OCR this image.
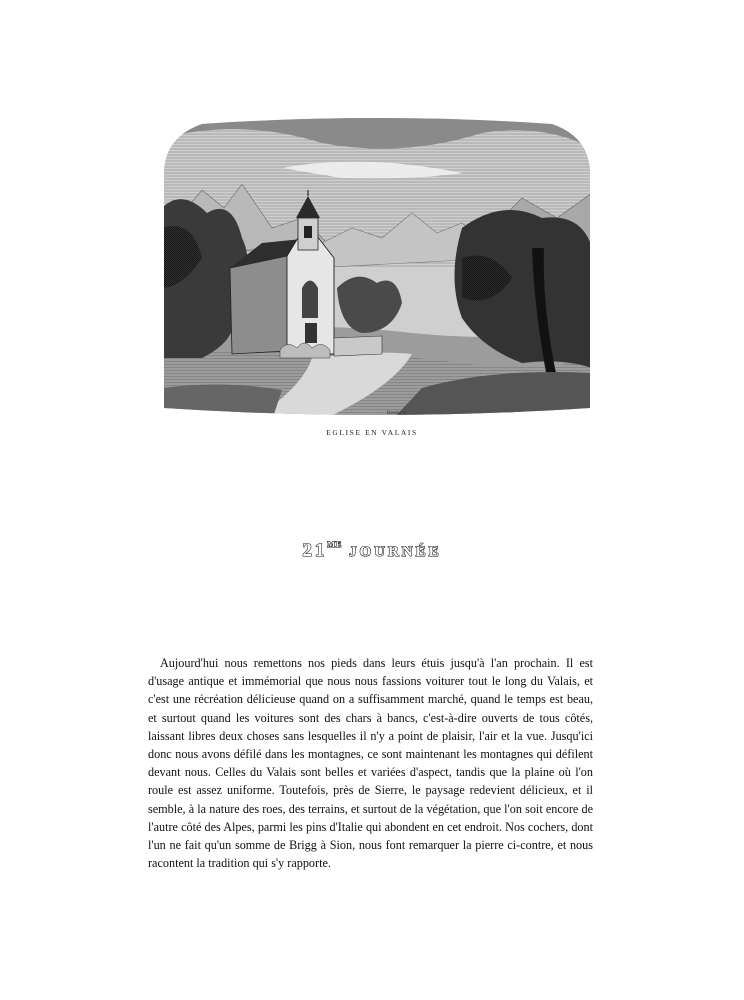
Baudot sc
EGLISE EN VALAIS
$21^{ME}$ JOURNÉE

Aujourd'hui nous remettons nos pieds dans leurs étuis jusqu'à l'an prochain. Il est d'usage antique et immémorial que nous nous fassions voiturer tout le long du Valais, et c'est une récréation délicieuse quand on a suffisamment marché, quand le temps est beau, et surtout quand les voitures sont des chars à bancs, c'est-à-dire ouverts de tous côtés, laissant libres deux choses sans lesquelles il n'y a point de plaisir, l'air et la vue. Jusqu'ici donc nous avons défilé dans les montagnes, ce sont maintenant les montagnes qui défilent devant nous. Celles du Valais sont belles et variées d'aspect, tandis que la plaine où l'on roule est assez uniforme. Toutefois, près de Sierre, le paysage redevient délicieux, et il semble, à la nature des roes, des terrains, et surtout de la végétation, que l'on soit encore de l'autre côté des Alpes, parmi les pins d'Italie qui abondent en cet endroit. Nos cochers, dont l'un ne fait qu'un somme de Brigg à Sion, nous font remarquer la pierre ci-contre, et nous racontent la tradition qui s'y rapporte.
